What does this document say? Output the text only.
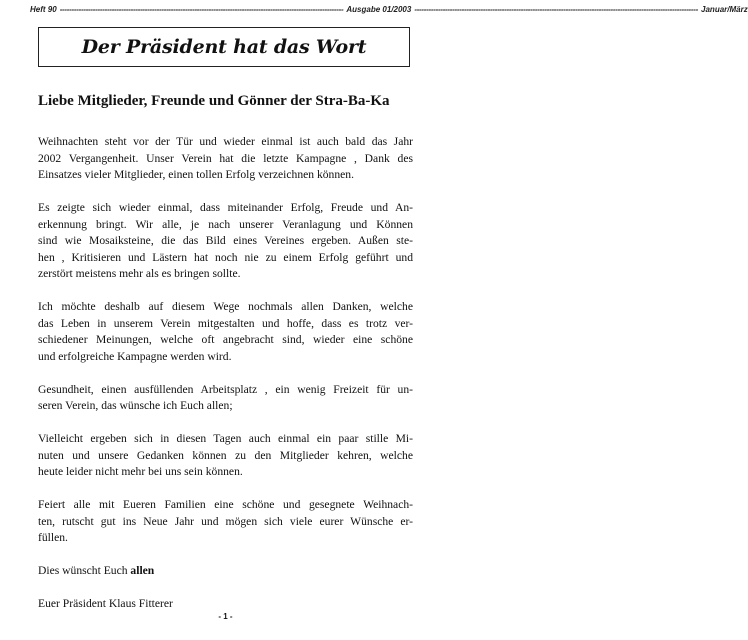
Heft 90 ------------------------------------------------------------------------------------------------------------------------ Ausgabe 01/2003 ------------------------------------------------------------------------------------------------------------------------ Januar/März
Der Präsident hat das Wort
Liebe Mitglieder, Freunde und Gönner der Stra-Ba-Ka

Weihnachten steht vor der Tür und wieder einmal ist auch bald das Jahr
2002 Vergangenheit. Unser Verein hat die letzte Kampagne , Dank des
Einsatzes vieler Mitglieder, einen tollen Erfolg verzeichnen können.

Es zeigte sich wieder einmal, dass miteinander Erfolg, Freude und An-
erkennung bringt. Wir alle, je nach unserer Veranlagung und Können
sind wie Mosaiksteine, die das Bild eines Vereines ergeben. Außen ste-
hen , Kritisieren und Lästern hat noch nie zu einem Erfolg geführt und
zerstört meistens mehr als es bringen sollte.

Ich möchte deshalb auf diesem Wege nochmals allen Danken, welche
das Leben in unserem Verein mitgestalten und hoffe, dass es trotz ver-
schiedener Meinungen, welche oft angebracht sind, wieder eine schöne
und erfolgreiche Kampagne werden wird.

Gesundheit, einen ausfüllenden Arbeitsplatz , ein wenig Freizeit für un-
seren Verein, das wünsche ich Euch allen;

Vielleicht ergeben sich in diesen Tagen auch einmal ein paar stille Mi-
nuten und unsere Gedanken können zu den Mitglieder kehren, welche
heute leider nicht mehr bei uns sein können.

Feiert alle mit Eueren Familien eine schöne und gesegnete Weihnach-
ten, rutscht gut ins Neue Jahr und mögen sich viele eurer Wünsche er-
füllen.

Dies wünscht Euch allen

Euer Präsident Klaus Fitterer

- 1 -
